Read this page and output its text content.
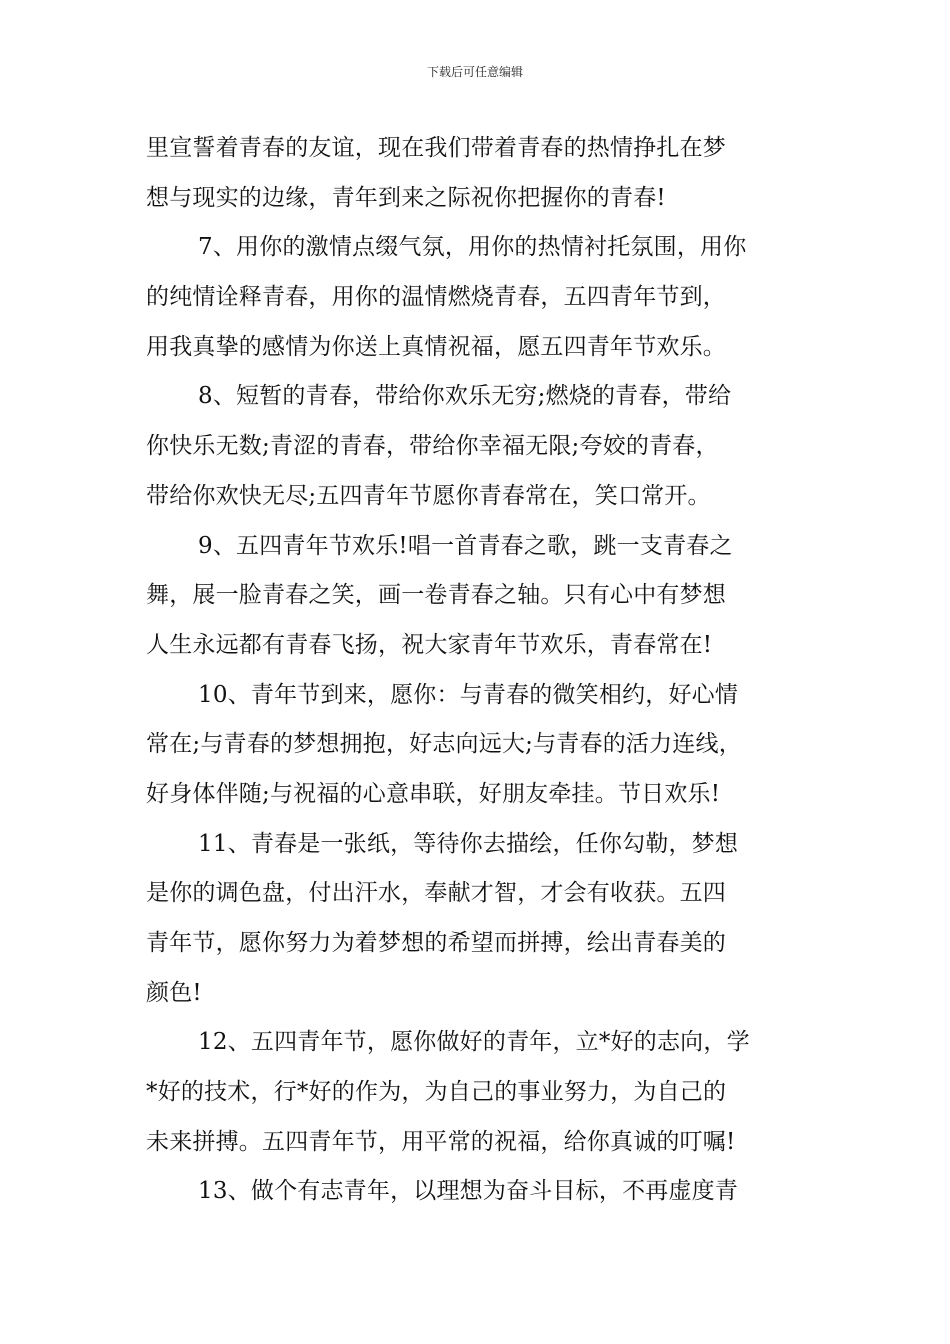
下载后可任意编辑
里宣誓着青春的友谊，现在我们带着青春的热情挣扎在梦
想与现实的边缘，青年到来之际祝你把握你的青春!
7、用你的激情点缀气氛，用你的热情衬托氛围，用你
的纯情诠释青春，用你的温情燃烧青春，五四青年节到，
用我真挚的感情为你送上真情祝福，愿五四青年节欢乐。
8、短暂的青春，带给你欢乐无穷;燃烧的青春，带给
你快乐无数;青涩的青春，带给你幸福无限;夸姣的青春，
带给你欢快无尽;五四青年节愿你青春常在，笑口常开。
9、五四青年节欢乐!唱一首青春之歌，跳一支青春之
舞，展一脸青春之笑，画一卷青春之轴。只有心中有梦想
人生永远都有青春飞扬，祝大家青年节欢乐，青春常在!
10、青年节到来，愿你：与青春的微笑相约，好心情
常在;与青春的梦想拥抱，好志向远大;与青春的活力连线，
好身体伴随;与祝福的心意串联，好朋友牵挂。节日欢乐!
11、青春是一张纸，等待你去描绘，任你勾勒，梦想
是你的调色盘，付出汗水，奉献才智，才会有收获。五四
青年节，愿你努力为着梦想的希望而拼搏，绘出青春美的
颜色!
12、五四青年节，愿你做好的青年，立*好的志向，学
*好的技术，行*好的作为，为自己的事业努力，为自己的
未来拼搏。五四青年节，用平常的祝福，给你真诚的叮嘱!
13、做个有志青年，以理想为奋斗目标，不再虚度青
